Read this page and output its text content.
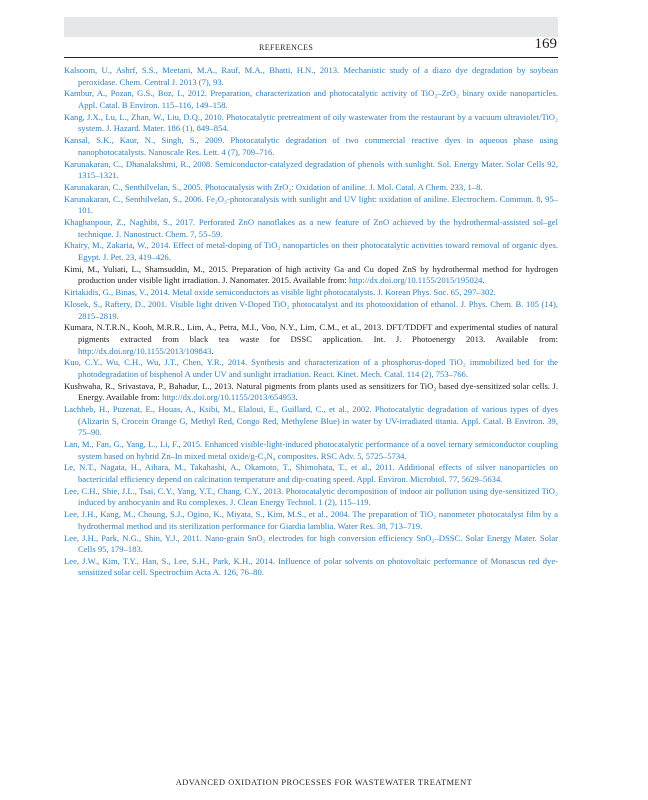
REFERENCES	169
Kalsoom, U., Ashrf, S.S., Meetani, M.A., Rauf, M.A., Bhatti, H.N., 2013. Mechanistic study of a diazo dye degradation by soybean peroxidase. Chem. Central J. 2013 (7), 93.
Kambur, A., Pozan, G.S., Boz, I., 2012. Preparation, characterization and photocatalytic activity of TiO₂–ZrO₂ binary oxide nanoparticles. Appl. Catal. B Environ. 115–116, 149–158.
Kang, J.X., Lu, L., Zhan, W., Liu, D.Q., 2010. Photocatalytic pretreatment of oily wastewater from the restaurant by a vacuum ultraviolet/TiO₂ system. J. Hazard. Mater. 186 (1), 849–854.
Kansal, S.K., Kaur, N., Singh, S., 2009. Photocatalytic degradation of two commercial reactive dyes in aqueous phase using nanophotocatalysts. Nanoscale Res. Lett. 4 (7), 709–716.
Karunakaran, C., Dhanalakshmi, R., 2008. Semiconductor-catalyzed degradation of phenols with sunlight. Sol. Energy Mater. Solar Cells 92, 1315–1321.
Karunakaran, C., Senthilvelan, S., 2005. Photocatalysis with ZrO₂: Oxidation of aniline. J. Mol. Catal. A Chem. 233, 1–8.
Karunakaran, C., Senthilvelan, S., 2006. Fe₂O₃-photocatalysis with sunlight and UV light: oxidation of aniline. Electrochem. Commun. 8, 95–101.
Khaghanpour, Z., Naghibi, S., 2017. Perforated ZnO nanoflakes as a new feature of ZnO achieved by the hydrothermal-assisted sol–gel technique. J. Nanostruct. Chem. 7, 55–59.
Khairy, M., Zakaria, W., 2014. Effect of metal-doping of TiO₂ nanoparticles on their photocatalytic activities toward removal of organic dyes. Egypt. J. Pet. 23, 419–426.
Kimi, M., Yuliati, L., Shamsuddin, M., 2015. Preparation of high activity Ga and Cu doped ZnS by hydrothermal method for hydrogen production under visible light irradiation. J. Nanomater. 2015. Available from: http://dx.doi.org/10.1155/2015/195024.
Kiriakidis, G., Binas, V., 2014. Metal oxide semiconductors as visible light photocatalysts. J. Korean Phys. Soc. 65, 297–302.
Klosek, S., Raftery, D., 2001. Visible light driven V-Doped TiO₂ photocatalyst and its photooxidation of ethanol. J. Phys. Chem. B. 105 (14), 2815–2819.
Kumara, N.T.R.N., Kooh, M.R.R., Lim, A., Petra, M.I., Voo, N.Y., Lim, C.M., et al., 2013. DFT/TDDFT and experimental studies of natural pigments extracted from black tea waste for DSSC application. Int. J. Photoenergy 2013. Available from: http://dx.doi.org/10.1155/2013/109843.
Kuo, C.Y., Wu, C.H., Wu, J.T., Chen, Y.R., 2014. Synthesis and characterization of a phosphorus-doped TiO₂ immobilized bed for the photodegradation of bisphenol A under UV and sunlight irradiation. React. Kinet. Mech. Catal. 114 (2), 753–766.
Kushwaha, R., Srivastava, P., Bahadur, L., 2013. Natural pigments from plants used as sensitizers for TiO₂ based dye-sensitized solar cells. J. Energy. Available from: http://dx.doi.org/10.1155/2013/654953.
Lachheb, H., Puzenat, E., Houas, A., Ksibi, M., Elaloui, E., Guillard, C., et al., 2002. Photocatalytic degradation of various types of dyes (Alizarin S, Crocein Orange G, Methyl Red, Congo Red, Methylene Blue) in water by UV-irradiated titania. Appl. Catal. B Environ. 39, 75–90.
Lan, M., Fan, G., Yang, L., Li, F., 2015. Enhanced visible-light-induced photocatalytic performance of a novel ternary semiconductor coupling system based on hybrid Zn–In mixed metal oxide/g-C₃N₄ composites. RSC Adv. 5, 5725–5734.
Le, N.T., Nagata, H., Aihara, M., Takahashi, A., Okamoto, T., Shimohata, T., et al., 2011. Additional effects of silver nanoparticles on bactericidal efficiency depend on calcination temperature and dip-coating speed. Appl. Environ. Microbiol. 77, 5629–5634.
Lee, C.H., Shie, J.L., Tsai, C.Y., Yang, Y.T., Chang, C.Y., 2013. Photocatalytic decomposition of indoor air pollution using dye-sensitized TiO₂ induced by anthocyanin and Ru complexes. J. Clean Energy Technol. 1 (2), 115–119.
Lee, J.H., Kang, M., Choung, S.J., Ogino, K., Miyata, S., Kim, M.S., et al., 2004. The preparation of TiO₂ nanometer photocatalyst film by a hydrothermal method and its sterilization performance for Giardia lamblia. Water Res. 38, 713–719.
Lee, J.H., Park, N.G., Shin, Y.J., 2011. Nano-grain SnO₂ electrodes for high conversion efficiency SnO₂–DSSC. Solar Energy Mater. Solar Cells 95, 179–183.
Lee, J.W., Kim, T.Y., Han, S., Lee, S.H., Park, K.H., 2014. Influence of polar solvents on photovoltaic performance of Monascus red dye-sensitized solar cell. Spectrochim Acta A. 126, 76–80.
ADVANCED OXIDATION PROCESSES FOR WASTEWATER TREATMENT
